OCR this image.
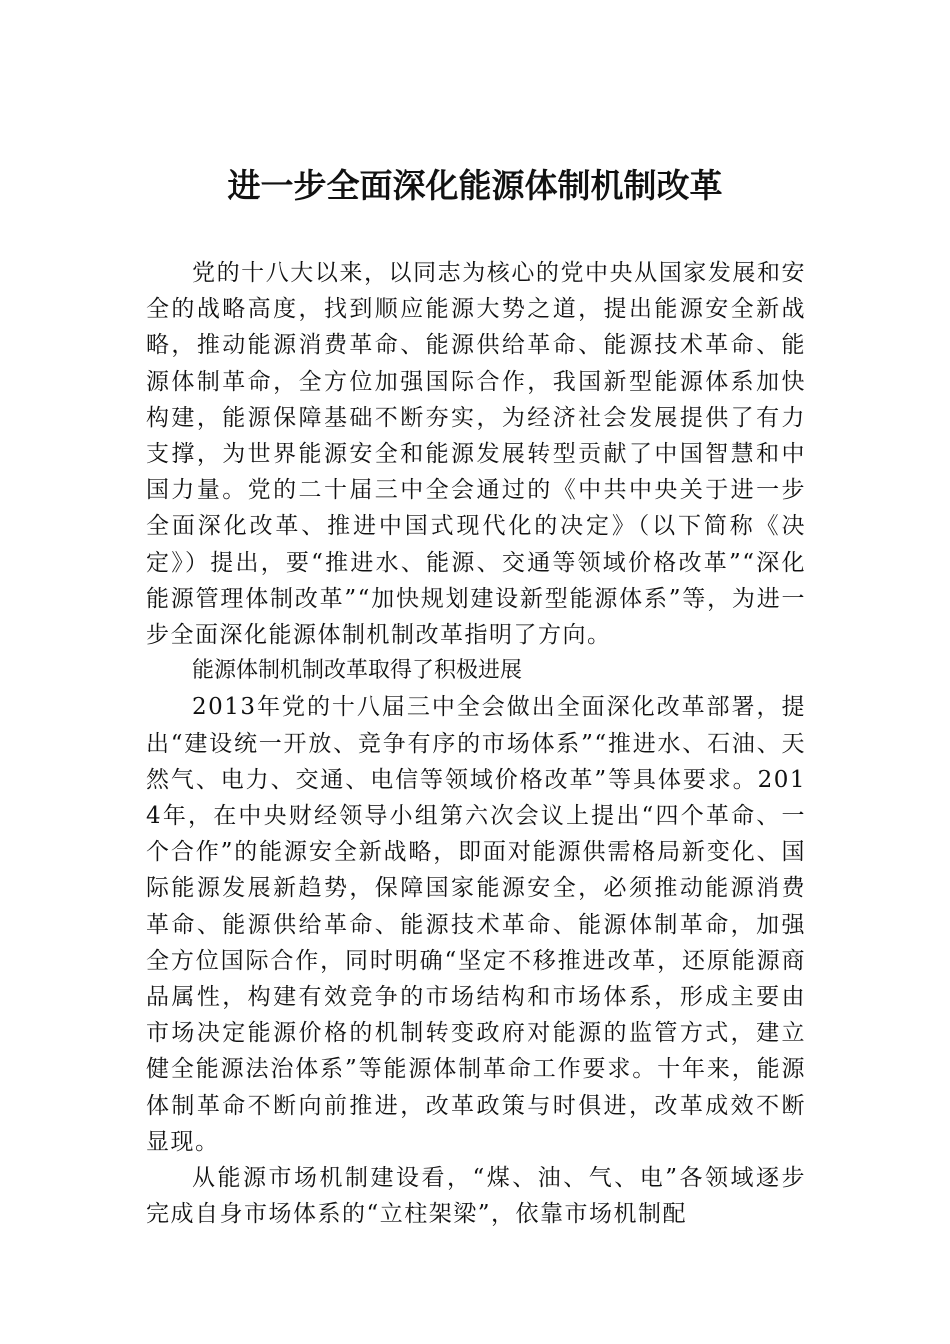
进一步全面深化能源体制机制改革

党的十八大以来，以同志为核心的党中央从国家发展和安全的战略高度，找到顺应能源大势之道，提出能源安全新战略，推动能源消费革命、能源供给革命、能源技术革命、能源体制革命，全方位加强国际合作，我国新型能源体系加快构建，能源保障基础不断夯实，为经济社会发展提供了有力支撑，为世界能源安全和能源发展转型贡献了中国智慧和中国力量。党的二十届三中全会通过的《中共中央关于进一步全面深化改革、推进中国式现代化的决定》（以下简称《决定》）提出，要“推进水、能源、交通等领域价格改革”“深化能源管理体制改革”“加快规划建设新型能源体系”等，为进一步全面深化能源体制机制改革指明了方向。

能源体制机制改革取得了积极进展

2013年党的十八届三中全会做出全面深化改革部署，提出“建设统一开放、竞争有序的市场体系”“推进水、石油、天然气、电力、交通、电信等领域价格改革”等具体要求。2014年，在中央财经领导小组第六次会议上提出“四个革命、一个合作”的能源安全新战略，即面对能源供需格局新变化、国际能源发展新趋势，保障国家能源安全，必须推动能源消费革命、能源供给革命、能源技术革命、能源体制革命，加强全方位国际合作，同时明确“坚定不移推进改革，还原能源商品属性，构建有效竞争的市场结构和市场体系，形成主要由市场决定能源价格的机制转变政府对能源的监管方式，建立健全能源法治体系”等能源体制革命工作要求。十年来，能源体制革命不断向前推进，改革政策与时俱进，改革成效不断显现。

从能源市场机制建设看，“煤、油、气、电”各领域逐步完成自身市场体系的“立柱架梁”，依靠市场机制配
